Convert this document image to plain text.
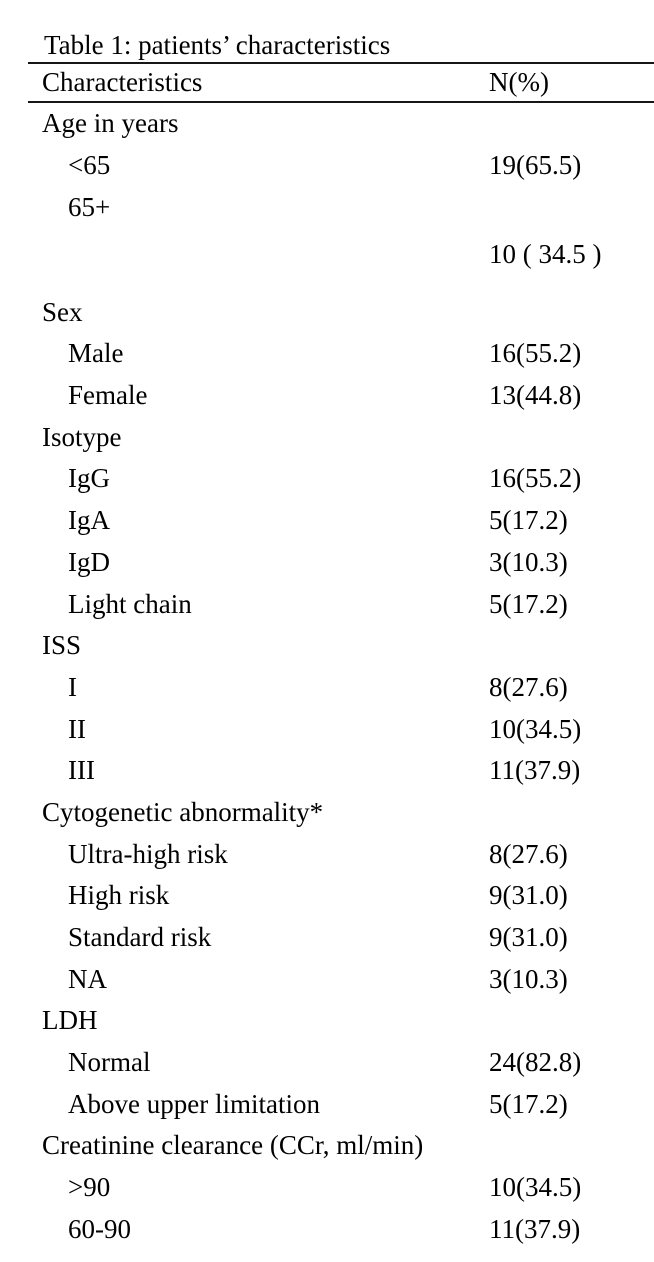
Table 1: patients’ characteristics
Characteristics	N(%)
Age in years	
<65	19(65.5)
65+	10 ( 34.5 )
Sex	
Male	16(55.2)
Female	13(44.8)
Isotype	
IgG	16(55.2)
IgA	5(17.2)
IgD	3(10.3)
Light chain	5(17.2)
ISS	
I	8(27.6)
II	10(34.5)
III	11(37.9)
Cytogenetic abnormality*	
Ultra-high risk	8(27.6)
High risk	9(31.0)
Standard risk	9(31.0)
NA	3(10.3)
LDH	
Normal	24(82.8)
Above upper limitation	5(17.2)
Creatinine clearance (CCr, ml/min)	
>90	10(34.5)
60-90	11(37.9)
